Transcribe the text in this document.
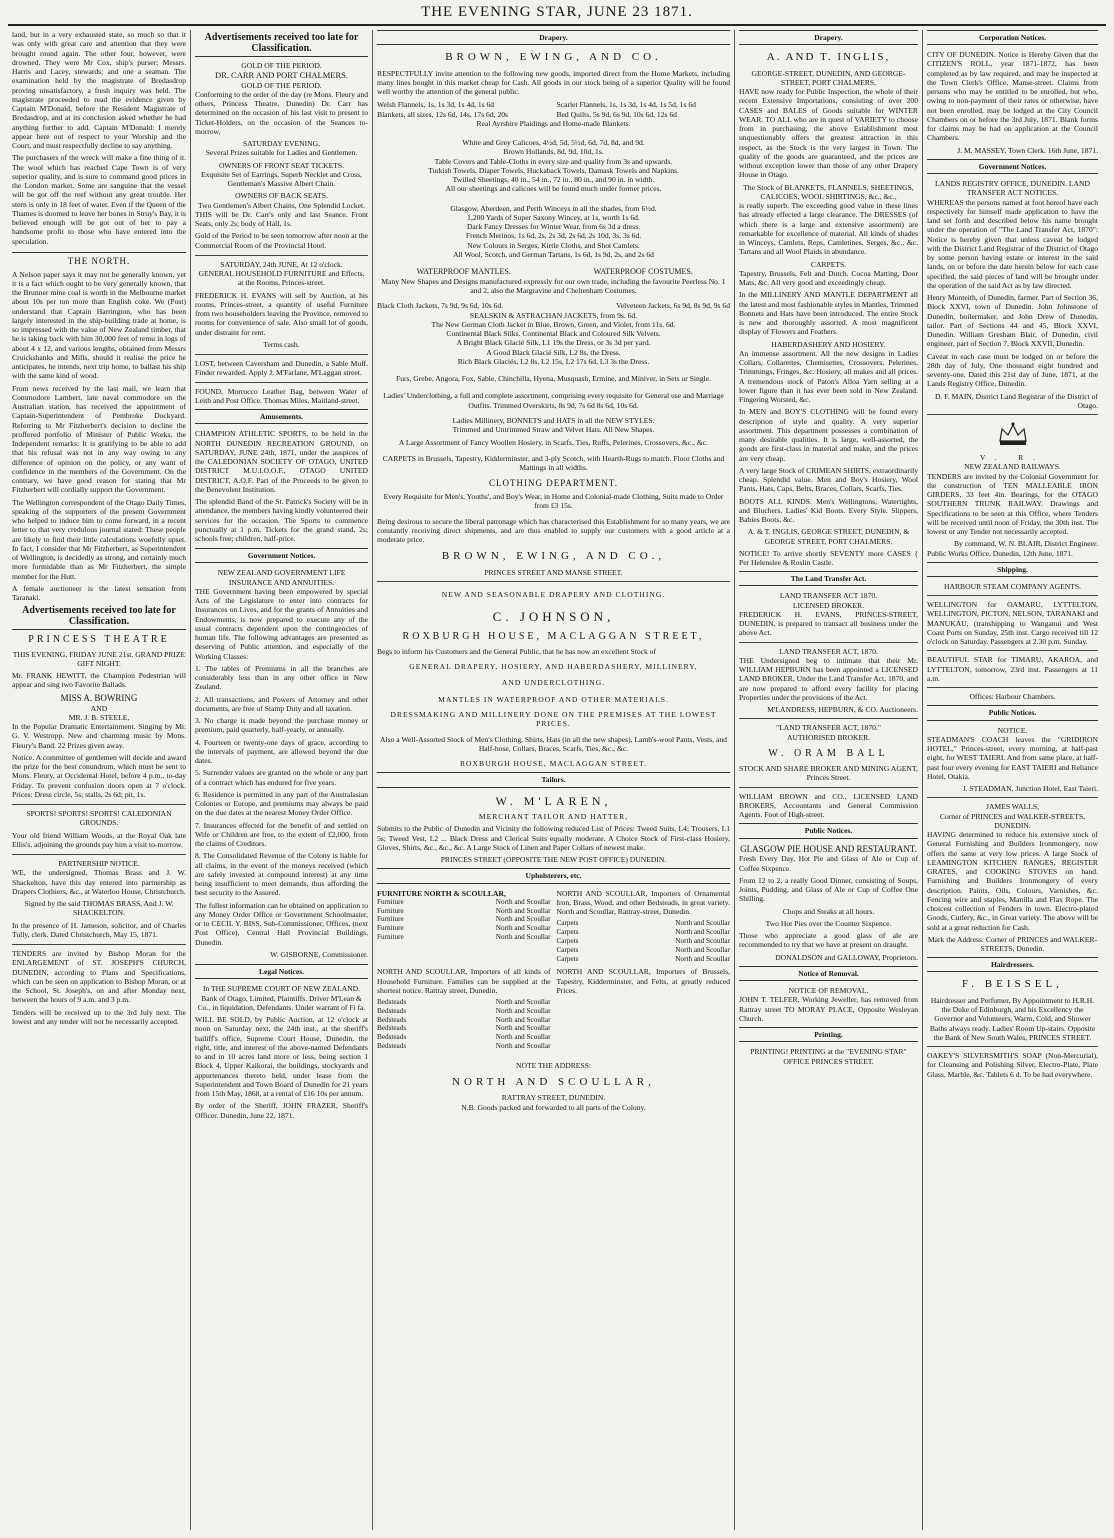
THE EVENING STAR, JUNE 23 1871.

land, but in a very exhausted state, so much so that it was only with great care and attention that they were brought round again. The other four, however, were drowned. They were Mr Cox, ship's purser; Messrs. Harris and Lacey, stewards; and one a seaman. The examination held by the magistrate of Bredasdrop proving unsatisfactory, a fresh inquiry was held. The magistrate proceeded to read the evidence given by Captain M'Donald, before the Resident Magistrate of Bredasdrop, and at its conclusion asked whether he had anything further to add. Captain M'Donald: I merely appear here out of respect to your Worship and the Court, and must respectfully decline to say anything.

The purchasers of the wreck will make a fine thing of it. The wool which has reached Cape Town is of very superior quality, and is sure to command good prices in the London market. Some are sanguine that the vessel will be got off the reef without any great trouble. Her stern is only in 18 feet of water. Even if the Queen of the Thames is doomed to leave her bones in Struy's Bay, it is believed enough will be got out of her to pay a handsome profit to those who have entered into the speculation.

THE NORTH.

A Nelson paper says it may not be generally known, yet it is a fact which ought to be very generally known, that the Brunner mine coal is worth in the Melbourne market about 10s per ton more than English coke. We (Post) understand that Captain Harrington, who has been largely interested in the ship-building trade at home, is so impressed with the value of New Zealand timber, that he is taking back with him 30,000 feet of remu in logs of about 4 x 12, and various lengths, obtained from Messrs Cruickshanks and Mills, should it realise the price he anticipates, he intends, next trip home, to ballast his ship with the same kind of wood.

From news received by the last mail, we learn that Commodore Lambert, late naval commodore on the Australian station, has received the appointment of Captain-Superintendent of Pembroke Dockyard. Referring to Mr Fitzherbert's decision to decline the proffered portfolio of Minister of Public Works, the Independent remarks: It is gratifying to be able to add that his refusal was not in any way owing to any difference of opinion on the policy, or any want of confidence in the members of the Government. On the contrary, we have good reason for stating that Mr Fitzherbert will cordially support the Government.

The Wellington correspondent of the Otago Daily Times, speaking of the supporters of the present Government who helped to induce him to come forward, in a recent letter to that very credulous journal stated: These people are likely to find their little calculations woefully upset. In fact, I consider that Mr Fitzherbert, as Superintendent of Wellington, is decidedly as strong, and certainly much more formidable than as Mr Fitzherbert, the simple member for the Hutt.

A female auctioneer is the latest sensation from Taranaki.

Advertisements received too late for Classification.
PRINCESS THEATRE

THIS EVENING, FRIDAY JUNE 21st. GRAND PRIZE GIFT NIGHT.

Mr. FRANK HEWITT, the Champion Pedestrian will appear and sing two Favorite Ballads.

MISS A. BOWRING
AND
MR. J. B. STEELE,

In the Popular Dramatic Entertainment. Singing by Mr. G. V. Westropp. New and charming music by Mons. Fleury's Band. 22 Prizes given away.

Notice. A committee of gentlemen will decide and award the prize for the best conundrum, which must be sent to Mons. Fleury, at Occidental Hotel, before 4 p.m., to-day Friday. To prevent confusion doors open at 7 o'clock. Prices: Dress circle, 5s; stalls, 2s 6d; pit, 1s.

SPORTS! SPORTS! SPORTS! CALEDONIAN GROUNDS.

Your old friend William Woods, at the Royal Oak late Ellis's, adjoining the grounds pay him a visit to-morrow.

PARTNERSHIP NOTICE.

WE, the undersigned, Thomas Brass and J. W. Shackelton, have this day entered into partnership as Drapers Clothiers, &c., at Waterloo House, Christchurch.

Signed by the said THOMAS BRASS, And J. W. SHACKELTON.

In the presence of H. Jameson, solicitor, and of Charles Tully, clerk. Dated Christchurch, May 15, 1871.

TENDERS are invited by Bishop Moran for the ENLARGEMENT of ST. JOSEPH'S CHURCH, DUNEDIN, according to Plans and Specifications, which can be seen on application to Bishop Moran, or at the School, St. Joseph's, on and after Monday next, between the hours of 9 a.m. and 3 p.m.

Tenders will be received up to the 3rd July next. The lowest and any tender will not be necessarily accepted.

Advertisements received too late for Classification.
GOLD OF THE PERIOD.
DR. CARR AND PORT CHALMERS.
GOLD OF THE PERIOD.

Conforming to the order of the day (re Mons. Fleury and others, Princess Theatre, Dunedin) Dr. Carr has determined on the occasion of his last visit to present to Ticket-Holders, on the occasion of the Seances to-morrow,

SATURDAY EVENING,
Several Prizes suitable for Ladies and Gentlemen.
OWNERS OF FRONT SEAT TICKETS.
Exquisite Set of Earrings, Superb Necklet and Cross, Gentleman's Massive Albert Chain.
OWNERS OF BACK SEATS.
Two Gentlemen's Albert Chains, One Splendid Locket.

THIS will be Dr. Carr's only and last Seance. Front Seats, only 2s; body of Hall, 1s.

Gold of the Period to be seen tomorrow after noon at the Commercial Room of the Provincial Hotel.

SATURDAY, 24th JUNE, At 12 o'clock.

GENERAL HOUSEHOLD FURNITURE and Effects, at the Rooms, Princes-street.

FREDERICK H. EVANS will sell by Auction, at his rooms, Princes-street, a quantity of useful Furniture from two householders leaving the Province, removed to rooms for convenience of sale. Also small lot of goods, under distraint for rent.

Terms cash.

LOST, between Caversham and Dunedin, a Sable Muff. Finder rewarded. Apply J. M'Farlane, M'Laggan street.

FOUND, Morrocco Leather Bag, between Water of Leith and Post Office. Thomas Miles, Maitland-street.

Amusements.

CHAMPION ATHLETIC SPORTS, to be held in the NORTH DUNEDIN RECREATION GROUND, on SATURDAY, JUNE 24th, 1871, under the auspices of the CALEDONIAN SOCIETY OF OTAGO, UNITED DISTRICT M.U.I.O.O.F., OTAGO UNITED DISTRICT, A.O.F. Part of the Proceeds to be given to the Benevolent Institution.

The splendid Band of the St. Patrick's Society will be in attendance, the members having kindly volunteered their services for the occasion. The Sports to commence punctually at 1 p.m. Tickets for the grand stand, 2s; schools free; children, half-price.

Government Notices.
NEW ZEALAND GOVERNMENT LIFE INSURANCE AND ANNUITIES.

THE Government having been empowered by special Acts of the Legislature to enter into contracts for Insurances on Lives, and for the grants of Annuities and Endowments, is now prepared to execute any of the usual contracts dependent upon the contingencies of human life. The following advantages are presented as deserving of Public attention, and especially of the Working Classes:

1. The tables of Premiums in all the branches are considerably less than in any other office in New Zealand.

2. All transactions, and Powers of Attorney and other documents, are free of Stamp Duty and all taxation.

3. No charge is made beyond the purchase money or premium, paid quarterly, half-yearly, or annually.

4. Fourteen or twenty-one days of grace, according to the intervals of payment, are allowed beyond the due dates.

5. Surrender values are granted on the whole or any part of a contract which has endured for five years.

6. Residence is permitted in any part of the Australasian Colonies or Europe, and premiums may always be paid on the due dates at the nearest Money Order Office.

7. Insurances effected for the benefit of and settled on Wife or Children are free, to the extent of £2,000, from the claims of Creditors.

8. The Consolidated Revenue of the Colony is liable for all claims, in the event of the moneys received (which are safely invested at compound interest) at any time being insufficient to meet demands, thus affording the best security to the Assured.

The fullest information can be obtained on application to any Money Order Office or Government Schoolmaster, or to CECIL Y. BISS, Sub-Commissioner, Offices, (next Post Office), Central Hall Provincial Buildings, Dunedin.

W. GISBORNE, Commissioner.
Legal Notices.
In THE SUPREME COURT OF NEW ZEALAND.

Bank of Otago, Limited, Plaintiffs. Driver M'Lean & Co., in liquidation, Defendants. Under warrant of Fi fa.

WILL BE SOLD, by Public Auction, at 12 o'clock at noon on Saturday next, the 24th inst., at the sheriff's bailiff's office, Supreme Court House, Dunedin, the right, title, and interest of the above-named Defendants to and in 10 acres land more or less, being section 1 Block 4, Upper Kaikorai, the buildings, stockyards and appurtenances thereto held, under lease from the Superintendent and Town Board of Dunedin for 21 years from 15th May, 1868, at a rental of £16 10s per annum.

By order of the Sheriff, JOHN FRAZER, Sheriff's Officer. Dunedin, June 22, 1871.

Drapery.
BROWN, EWING, AND CO.

RESPECTFULLY invite attention to the following new goods, imported direct from the Home Markets, including many lines bought in this market cheap for Cash. All goods in our stock being of a superior Quality will be found well worthy the attention of the general public.

Welsh Flannels, 1s, 1s 3d, 1s 4d, 1s 6d
Blankets, all sizes, 12s 6d, 14s, 17s 6d, 20s
Scarlet Flannels, 1s, 1s 3d, 1s 4d, 1s 5d, 1s 6d
Bed Quilts, 5s 9d, 6s 9d, 10s 6d, 12s 6d
Real Ayrshire Plaidings and Home-made Blankets.

White and Grey Calicoes, 4½d, 5d, 5½d, 6d, 7d, 8d, and 9d.
Brown Hollands, 8d, 9d, 10d, 1s.
Table Covers and Table-Cloths in every size and quality from 3s and upwards.
Turkish Towels, Diaper Towels, Huckaback Towels, Damask Towels and Napkins.
Twilled Sheetings, 40 in., 54 in., 72 in., 80 in., and 90 in. in width.
All our sheetings and calicoes will be found much under former prices.

Glasgow, Aberdeen, and Perth Winceys in all the shades, from 6½d.
1,200 Yards of Super Saxony Wincey, at 1s, worth 1s 6d.
Dark Fancy Dresses for Winter Wear, from 6s 3d a dress.
French Merinos, 1s 6d, 2s, 2s 3d, 2s 6d, 2s 10d, 3s, 3s 6d.
New Colours in Serges, Kirtle Cloths, and Shot Camlets.
All Wool, Scotch, and German Tartans, 1s 6d, 1s 9d, 2s, and 2s 6d

WATERPROOF MANTLES.	WATERPROOF COSTUMES.

Many New Shapes and Designs manufactured expressly for our own trade, including the favourite Peerless No. 1 and 2, also the Margravine and Cheltenham Costumes.

Black Cloth Jackets, 7s 9d, 9s 6d, 10s 6d.	Velveteen Jackets, 6s 9d, 8s 9d, 9s 6d
SEALSKIN & ASTRACHAN JACKETS, from 9s. 6d.

The New German Cloth Jacket in Blue, Brown, Green, and Violet, from 11s. 6d.
Continental Black Silks. Continental Black and Coloured Silk Velvets.
A Bright Black Glacié Silk, L1 19s the Dress, or 3s 3d per yard.
A Good Black Glacié Silk, L2 8s, the Dress.
Rich Black Glaciés, L2 8s, L2 15s, L2 17s 6d, L3 3s the Dress.

Furs, Grebe, Angora, Fox, Sable, Chinchilla, Hyena, Musquash, Ermine, and Miniver, in Sets or Single.

Ladies' Underclothing, a full and complete assortment, comprising every requisite for General use and Marriage Outfits. Trimmed Overskirts, 8s 9d, 7s 6d 8s 6d, 10s 6d.

Ladies Millinery, BONNETS and HATS in all the NEW STYLES.
Trimmed and Untrimmed Straw and Velvet Hats. All New Shapes.

A Large Assortment of Fancy Woollen Hosiery, in Scarfs, Ties, Ruffs, Pelerines, Crossovers, &c., &c.

CARPETS in Brussels, Tapestry, Kidderminster, and 3-ply Scotch, with Hearth-Rugs to match. Floor Cloths and Mattings in all widths.

CLOTHING DEPARTMENT.

Every Requisite for Men's, Youths', and Boy's Wear, in Home and Colonial-made Clothing, Suits made to Order from £3 15s.

Being desirous to secure the liberal patronage which has characterised this Establishment for so many years, we are constantly receiving direct shipments, and are thus enabled to supply our customers with a good article at a moderate price.

BROWN, EWING, AND CO.,
PRINCES STREET AND MANSE STREET.
NEW AND SEASONABLE DRAPERY AND CLOTHING.
C. JOHNSON,
ROXBURGH HOUSE, MACLAGGAN STREET,

Begs to inform his Customers and the General Public, that he has now an excellent Stock of

GENERAL DRAPERY, HOSIERY, AND HABERDASHERY, MILLINERY,
AND UNDERCLOTHING.
MANTLES IN WATERPROOF AND OTHER MATERIALS.
DRESSMAKING AND MILLINERY DONE ON THE PREMISES AT THE LOWEST PRICES.

Also a Well-Assorted Stock of Men's Clothing, Shirts, Hats (in all the new shapes), Lamb's-wool Pants, Vests, and Half-hose, Collars, Braces, Scarfs, Ties, &c., &c.

ROXBURGH HOUSE, MACLAGGAN STREET.
Tailors.
W. M'LAREN,
MERCHANT TAILOR AND HATTER,

Submits to the Public of Dunedin and Vicinity the following reduced List of Prices: Tweed Suits, L4; Trousers, L1 5s; Tweed Vest, L2 ... Black Dress and Clerical Suits equally moderate. A Choice Stock of First-class Hosiery, Gloves, Shirts, &c., &c., &c. A Large Stock of Linen and Paper Collars of newest make.

PRINCES STREET (OPPOSITE THE NEW POST OFFICE) DUNEDIN.
Upholsterers, etc.
FURNITURE NORTH & SCOULLAR,
Furniture	North and Scoullar
Furniture	North and Scoullar
Furniture	North and Scoullar
Furniture	North and Scoullar
Furniture	North and Scoullar

NORTH AND SCOULLAR, Importers of Ornamental Iron, Brass, Wood, and other Bedsteads, in great variety. North and Scoullar, Rattray-street, Dunedin.

Carpets	North and Scoullar
Carpets	North and Scoullar
Carpets	North and Scoullar
Carpets	North and Scoullar
Carpets	North and Scoullar

NORTH AND SCOULLAR, Importers of all kinds of Household Furniture. Families can be supplied at the shortest notice. Rattray street, Dunedin.

Bedsteads	North and Scoullar
Bedsteads	North and Scoullar
Bedsteads	North and Scoullar
Bedsteads	North and Scoullar
Bedsteads	North and Scoullar
Bedsteads	North and Scoullar

NORTH AND SCOULLAR, Importers of Brussels, Tapestry, Kidderminster, and Felts, at greatly reduced Prices.

NOTE THE ADDRESS:
NORTH AND SCOULLAR,
RATTRAY STREET, DUNEDIN.
N.B. Goods packed and forwarded to all parts of the Colony.
Drapery.
A. AND T. INGLIS,
GEORGE-STREET, DUNEDIN, AND GEORGE-STREET, PORT CHALMERS,

HAVE now ready for Public Inspection, the whole of their recent Extensive Importations, consisting of over 200 CASES and BALES of Goods suitable for WINTER WEAR. TO ALL who are in quest of VARIETY to choose from in purchasing, the above Establishment most unquestionably offers the greatest attraction in this respect, as the Stock is the very largest in Town. The quality of the goods are guaranteed, and the prices are without exception lower than those of any other Drapery House in Otago.

The Stock of BLANKETS, FLANNELS, SHEETINGS, CALICOES, WOOL SHIRTINGS, &c., &c.,

is really superb. The exceeding good value in these lines has already effected a large clearance. The DRESSES (of which there is a large and extensive assortment) are remarkable for excellence of material. All kinds of shades in Winceys, Camlets, Reps, Camletines, Serges, &c., &c. Tartans and all Wool Plaids in abundance.

CARPETS.

Tapestry, Brussels, Felt and Dutch. Cocoa Matting, Door Mats, &c. All very good and exceedingly cheap.

In the MILLINERY AND MANTLE DEPARTMENT all the latest and most fashionable styles in Mantles, Trimmed Bonnets and Hats have been introduced. The entire Stock is new and thoroughly assorted. A most magnificent display of Flowers and Feathers.

HABERDASHERY AND HOSIERY.

An immense assortment. All the new designs in Ladies Collars, Collarettes, Chemisettes, Crossovers, Pelerines, Trimmings, Fringes, &c. Hosiery, all makes and all prices. A tremendous stock of Paton's Alloa Yarn selling at a lower figure than it has ever been sold in New Zealand. Fingering Worsted, &c.

In MEN and BOY'S CLOTHING will be found every description of style and quality. A very superior assortment. This department possesses a combination of many desirable qualities. It is large, well-assorted, the goods are first-class in material and make, and the prices are very cheap.

A very large Stock of CRIMEAN SHIRTS, extraordinarily cheap. Splendid value. Men and Boy's Hosiery, Wool Pants, Hats, Caps, Belts, Braces, Collars, Scarfs, Ties.

BOOTS ALL KINDS. Men's Wellingtons, Watertights, and Bluchers. Ladies' Kid Boots. Every Style. Slippers, Babies Boots, &c.

A. & T. INGLIS, GEORGE STREET, DUNEDIN, & GEORGE STREET, PORT CHALMERS.

NOTICE! To arrive shortly SEVENTY more CASES { Per Helenslee & Roslin Castle.

The Land Transfer Act.
LAND TRANSFER ACT 1870.
LICENSED BROKER.

FREDERICK H. EVANS, PRINCES-STREET, DUNEDIN, is prepared to transact all business under the above Act.

LAND TRANSFER ACT, 1870.

THE Undersigned beg to intimate that their Mr. WILLIAM HEPBURN has been appointed a LICENSED LAND BROKER, Under the Land Transfer Act, 1870, and are now prepared to afford every facility for placing Properties under the provisions of the Act.

M'LANDRESS, HEPBURN, & CO. Auctioneers.
"LAND TRANSFER ACT, 1870."
AUTHORISED BROKER.
W. ORAM BALL
STOCK AND SHARE BROKER AND MINING AGENT, Princes Street.

WILLIAM BROWN and CO., LICENSED LAND BROKERS, Accountants and General Commission Agents. Foot of High-street.

Public Notices.
GLASGOW PIE HOUSE AND RESTAURANT.

Fresh Every Day, Hot Pie and Glass of Ale or Cup of Coffee Sixpence.

From 12 to 2, a really Good Dinner, consisting of Soups, Joints, Pudding, and Glass of Ale or Cup of Coffee One Shilling.

Chops and Steaks at all hours.

Two Hot Pies over the Counter Sixpence.

Those who appreciate a good glass of ale are recommended to try that we have at present on draught.

DONALDSON and GALLOWAY, Proprietors.
Notice of Removal.
NOTICE OF REMOVAL.

JOHN T. TELFER, Working Jeweller, has removed from Rattray street TO MORAY PLACE, Opposite Wesleyan Church.

Printing.

PRINTING! PRINTING at the "EVENING STAR" OFFICE PRINCES STREET.

Corporation Notices.

CITY OF DUNEDIN. Notice is Hereby Given that the CITIZEN'S ROLL, year 1871-1872, has been completed as by law required, and may be inspected at the Town Clerk's Office, Manse-street. Claims from persons who may be entitled to be enrolled, but who, owing to non-payment of their rates or otherwise, have not been enrolled, may be lodged at the City Council Chambers on or before the 3rd July, 1871. Blank forms for claims may be had on application at the Council Chambers.

J. M. MASSEY, Town Clerk. 16th June, 1871.
Government Notices.
LANDS REGISTRY OFFICE, DUNEDIN. LAND TRANSFER ACT NOTICES.

WHEREAS the persons named at foot hereof have each respectively for himself made application to have the land set forth and described below his name brought under the operation of "The Land Transfer Act, 1870": Notice is hereby given that unless caveat be lodged with the District Land Registrar of the District of Otago by some person having estate or interest in the said lands, on or before the date herein below for each case specified, the said pieces of land will be brought under the operation of the said Act as by law directed.

Henry Monteith, of Dunedin, farmer. Part of Section 36, Block XXVI, town of Dunedin. John Johnstone of Dunedin, boilermaker, and John Drew of Dunedin, tailor. Part of Sections 44 and 45, Block XXVI, Dunedin. William Gresham Blair, of Dunedin, civil engineer, part of Section 7, Block XXVII, Dunedin.

Caveat in each case must be lodged on or before the 28th day of July, One thousand eight hundred and seventy-one. Dated this 21st day of June, 1871, at the Lands Registry Office, Dunedin.

D. F. MAIN, District Land Registrar of the District of Otago.
V. R.
NEW ZEALAND RAILWAYS.

TENDERS are invited by the Colonial Government for the construction of TEN MALLEABLE IRON GIRDERS, 33 feet 4in. Bearings, for the OTAGO SOUTHERN TRUNK RAILWAY. Drawings and Specifications to be seen at this Office, where Tenders will be received until noon of Friday, the 30th inst. The lowest or any Tender not necessarily accepted.

By command, W. N. BLAIR, District Engineer.

Public Works Office, Dunedin, 12th June, 1871.

Shipping.
HARBOUR STEAM COMPANY AGENTS.

WELLINGTON for OAMARU, LYTTELTON, WELLINGTON, PICTON, NELSON, TARANAKI and MANUKAU, (transhipping to Wanganui and West Coast Ports on Sunday, 25th inst. Cargo received till 12 o'clock on Saturday. Passengers at 2.30 p.m. Sunday.

BEAUTIFUL STAR for TIMARU, AKAROA, and LYTTELTON, tomorrow, 23rd inst. Passengers at 11 a.m.

Offices: Harbour Chambers.
Public Notices.
NOTICE.

STEADMAN'S COACH leaves the "GRIDIRON HOTEL," Princes-street, every morning, at half-past eight, for WEST TAIERI. And from same place, at half-past four every evening for EAST TAIERI and Reliance Hotel, Otakia.

J. STEADMAN, Junction Hotel, East Taieri.
JAMES WALLS,
Corner of PRINCES and WALKER-STREETS, DUNEDIN.

HAVING determined to reduce his extensive stock of General Furnishing and Builders Ironmongery, now offers the same at very low prices. A large Stock of LEAMINGTON KITCHEN RANGES, REGISTER GRATES, and COOKING STOVES on hand. Furnishing and Builders Ironmongery of every description. Paints, Oils, Colours, Varnishes, &c. Fencing wire and staples, Manilla and Flax Rope. The choicest collection of Fenders in town. Electro-plated Goods, Cutlery, &c., in Great variety. The above will be sold at a great reduction for Cash.

Mark the Address: Corner of PRINCES and WALKER-STREETS, Dunedin.

Hairdressers.
F. BEISSEL,

Hairdresser and Perfumer, By Appointment to H.R.H. the Duke of Edinburgh, and his Excellency the Governor and Volunteers, Warm, Cold, and Shower Baths always ready. Ladies' Room Up-stairs. Opposite the Bank of New South Wales, PRINCES STREET.

OAKEY'S SILVERSMITH'S SOAP (Non-Mercurial), for Cleansing and Polishing Silver, Electro-Plate, Plate Glass, Marble, &c. Tablets 6 d. To be had everywhere.
